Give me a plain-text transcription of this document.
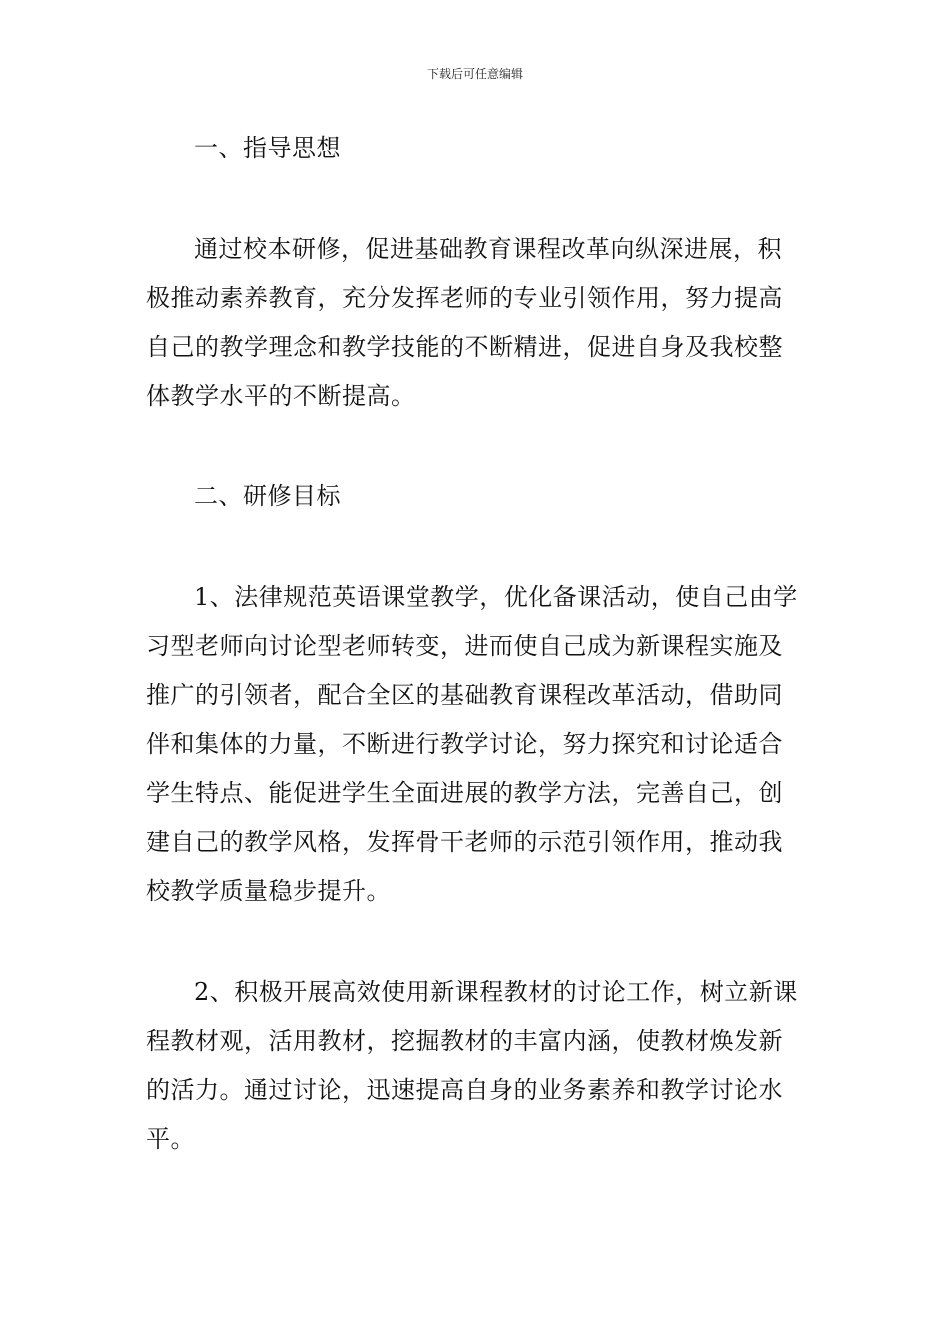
下载后可任意编辑

一、指导思想

通过校本研修，促进基础教育课程改革向纵深进展，积极推动素养教育，充分发挥老师的专业引领作用，努力提高自己的教学理念和教学技能的不断精进，促进自身及我校整体教学水平的不断提高。

二、研修目标

1、法律规范英语课堂教学，优化备课活动，使自己由学习型老师向讨论型老师转变，进而使自己成为新课程实施及推广的引领者，配合全区的基础教育课程改革活动，借助同伴和集体的力量，不断进行教学讨论，努力探究和讨论适合学生特点、能促进学生全面进展的教学方法，完善自己，创建自己的教学风格，发挥骨干老师的示范引领作用，推动我校教学质量稳步提升。

2、积极开展高效使用新课程教材的讨论工作，树立新课程教材观，活用教材，挖掘教材的丰富内涵，使教材焕发新的活力。通过讨论，迅速提高自身的业务素养和教学讨论水平。
